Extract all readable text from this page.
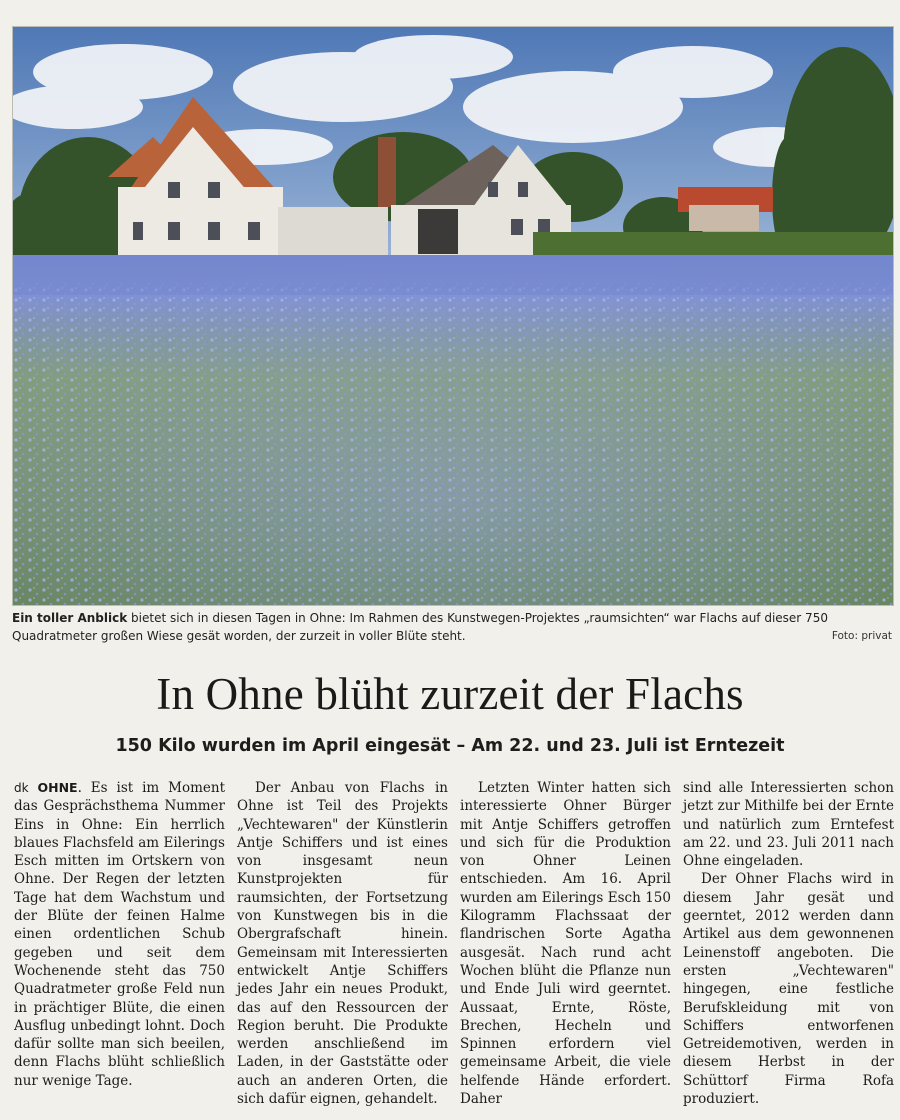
Ein toller Anblick bietet sich in diesen Tagen in Ohne: Im Rahmen des Kunstwegen-Projektes „raumsichten“ war Flachs auf dieser 750 Quadratmeter großen Wiese gesät worden, der zurzeit in voller Blüte steht.	Foto: privat
In Ohne blüht zurzeit der Flachs
150 Kilo wurden im April eingesät – Am 22. und 23. Juli ist Erntezeit

dk OHNE. Es ist im Moment das Gesprächsthema Nummer Eins in Ohne: Ein herrlich blaues Flachsfeld am Eilerings Esch mitten im Ortskern von Ohne. Der Regen der letzten Tage hat dem Wachstum und der Blüte der feinen Halme einen ordentlichen Schub gegeben und seit dem Wochenende steht das 750 Quadratmeter große Feld nun in prächtiger Blüte, die einen Ausflug unbedingt lohnt. Doch dafür sollte man sich beeilen, denn Flachs blüht schließlich nur wenige Tage.

Der Anbau von Flachs in Ohne ist Teil des Projekts „Vechtewaren" der Künstlerin Antje Schiffers und ist eines von insgesamt neun Kunstprojekten für raumsichten, der Fortsetzung von Kunstwegen bis in die Obergrafschaft hinein. Gemeinsam mit Interessierten entwickelt Antje Schiffers jedes Jahr ein neues Produkt, das auf den Ressourcen der Region beruht. Die Produkte werden anschließend im Laden, in der Gaststätte oder auch an anderen Orten, die sich dafür eignen, gehandelt.

Letzten Winter hatten sich interessierte Ohner Bürger mit Antje Schiffers getroffen und sich für die Produktion von Ohner Leinen entschieden. Am 16. April wurden am Eilerings Esch 150 Kilogramm Flachssaat der flandrischen Sorte Agatha ausgesät. Nach rund acht Wochen blüht die Pflanze nun und Ende Juli wird geerntet. Aussaat, Ernte, Röste, Brechen, Hecheln und Spinnen erfordern viel gemeinsame Arbeit, die viele helfende Hände erfordert. Daher

sind alle Interessierten schon jetzt zur Mithilfe bei der Ernte und natürlich zum Erntefest am 22. und 23. Juli 2011 nach Ohne eingeladen.

Der Ohner Flachs wird in diesem Jahr gesät und geerntet, 2012 werden dann Artikel aus dem gewonnenen Leinenstoff angeboten. Die ersten „Vechtewaren" hingegen, eine festliche Berufskleidung mit von Schiffers entworfenen Getreidemotiven, werden in diesem Herbst in der Schüttorf Firma Rofa produziert.
